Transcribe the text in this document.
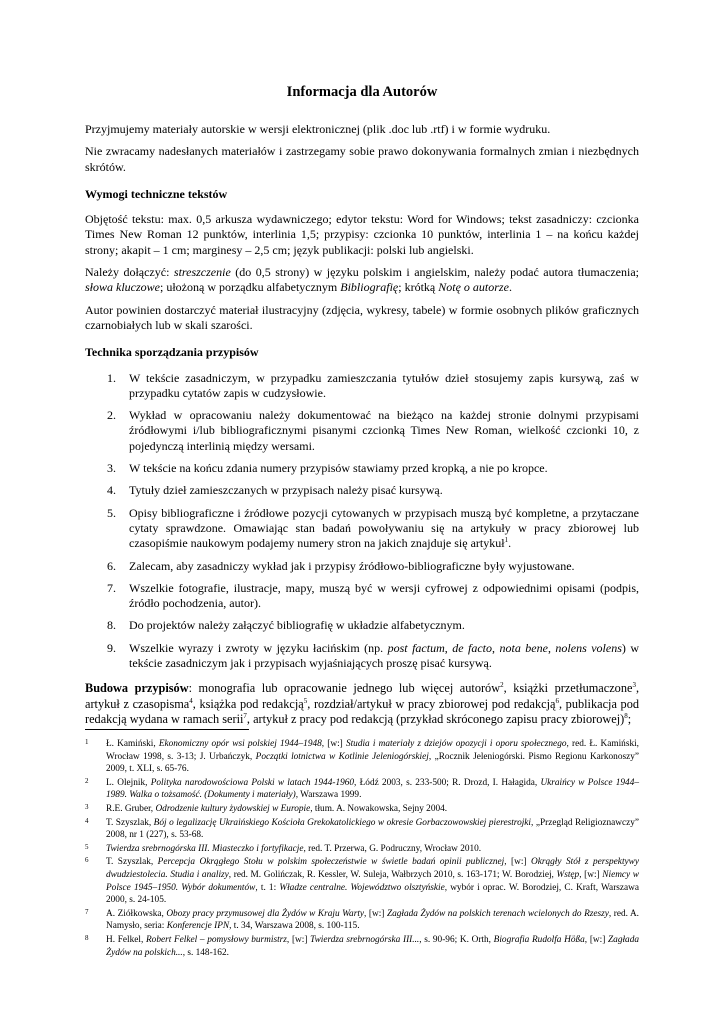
Informacja dla Autorów

Przyjmujemy materiały autorskie w wersji elektronicznej (plik .doc lub .rtf) i w formie wydruku.

Nie zwracamy nadesłanych materiałów i zastrzegamy sobie prawo dokonywania formalnych zmian i niezbędnych skrótów.

Wymogi techniczne tekstów

Objętość tekstu: max. 0,5 arkusza wydawniczego; edytor tekstu: Word for Windows; tekst zasadniczy: czcionka Times New Roman 12 punktów, interlinia 1,5; przypisy: czcionka 10 punktów, interlinia 1 – na końcu każdej strony; akapit – 1 cm; marginesy – 2,5 cm; język publikacji: polski lub angielski.

Należy dołączyć: streszczenie (do 0,5 strony) w języku polskim i angielskim, należy podać autora tłumaczenia; słowa kluczowe; ułożoną w porządku alfabetycznym Bibliografię; krótką Notę o autorze.

Autor powinien dostarczyć materiał ilustracyjny (zdjęcia, wykresy, tabele) w formie osobnych plików graficznych czarnobiałych lub w skali szarości.

Technika sporządzania przypisów
1. W tekście zasadniczym, w przypadku zamieszczania tytułów dzieł stosujemy zapis kursywą, zaś w przypadku cytatów zapis w cudzysłowie.
2. Wykład w opracowaniu należy dokumentować na bieżąco na każdej stronie dolnymi przypisami źródłowymi i/lub bibliograficznymi pisanymi czcionką Times New Roman, wielkość czcionki 10, z pojedynczą interlinią między wersami.
3. W tekście na końcu zdania numery przypisów stawiamy przed kropką, a nie po kropce.
4. Tytuły dzieł zamieszczanych w przypisach należy pisać kursywą.
5. Opisy bibliograficzne i źródłowe pozycji cytowanych w przypisach muszą być kompletne, a przytaczane cytaty sprawdzone. Omawiając stan badań powoływaniu się na artykuły w pracy zbiorowej lub czasopiśmie naukowym podajemy numery stron na jakich znajduje się artykuł$^1$.
6. Zalecam, aby zasadniczy wykład jak i przypisy źródłowo-bibliograficzne były wyjustowane.
7. Wszelkie fotografie, ilustracje, mapy, muszą być w wersji cyfrowej z odpowiednimi opisami (podpis, źródło pochodzenia, autor).
8. Do projektów należy załączyć bibliografię w układzie alfabetycznym.
9. Wszelkie wyrazy i zwroty w języku łacińskim (np. post factum, de facto, nota bene, nolens volens) w tekście zasadniczym jak i przypisach wyjaśniających proszę pisać kursywą.

Budowa przypisów: monografia lub opracowanie jednego lub więcej autorów$^2$, książki przetłumaczone$^3$, artykuł z czasopisma$^4$, książka pod redakcją$^5$, rozdział/artykuł w pracy zbiorowej pod redakcją$^6$, publikacja pod redakcją wydana w ramach serii$^7$, artykuł z pracy pod redakcją (przykład skróconego zapisu pracy zbiorowej)$^8$;

1 Ł. Kamiński, Ekonomiczny opór wsi polskiej 1944–1948, [w:] Studia i materiały z dziejów opozycji i oporu społecznego, red. Ł. Kamiński, Wrocław 1998, s. 3-13; J. Urbańczyk, Początki lotnictwa w Kotlinie Jeleniogórskiej, „Rocznik Jeleniogórski. Pismo Regionu Karkonoszy” 2009, t. XLI, s. 65-76.
2 L. Olejnik, Polityka narodowościowa Polski w latach 1944-1960, Łódź 2003, s. 233-500; R. Drozd, I. Hałagida, Ukraińcy w Polsce 1944–1989. Walka o tożsamość. (Dokumenty i materiały), Warszawa 1999.
3 R.E. Gruber, Odrodzenie kultury żydowskiej w Europie, tłum. A. Nowakowska, Sejny 2004.
4 T. Szyszlak, Bój o legalizację Ukraińskiego Kościoła Grekokatolickiego w okresie Gorbaczowowskiej pierestrojki, „Przegląd Religioznawczy” 2008, nr 1 (227), s. 53-68.
5 Twierdza srebrnogórska III. Miasteczko i fortyfikacje, red. T. Przerwa, G. Podruczny, Wrocław 2010.
6 T. Szyszlak, Percepcja Okrągłego Stołu w polskim społeczeństwie w świetle badań opinii publicznej, [w:] Okrągły Stół z perspektywy dwudziestolecia. Studia i analizy, red. M. Golińczak, R. Kessler, W. Suleja, Wałbrzych 2010, s. 163-171; W. Borodziej, Wstęp, [w:] Niemcy w Polsce 1945–1950. Wybór dokumentów, t. 1: Władze centralne. Województwo olsztyńskie, wybór i oprac. W. Borodziej, C. Kraft, Warszawa 2000, s. 24-105.
7 A. Ziółkowska, Obozy pracy przymusowej dla Żydów w Kraju Warty, [w:] Zagłada Żydów na polskich terenach wcielonych do Rzeszy, red. A. Namysło, seria: Konferencje IPN, t. 34, Warszawa 2008, s. 100-115.
8 H. Felkel, Robert Felkel – pomysłowy burmistrz, [w:] Twierdza srebrnogórska III..., s. 90-96; K. Orth, Biografia Rudolfa Hößa, [w:] Zagłada Żydów na polskich..., s. 148-162.
